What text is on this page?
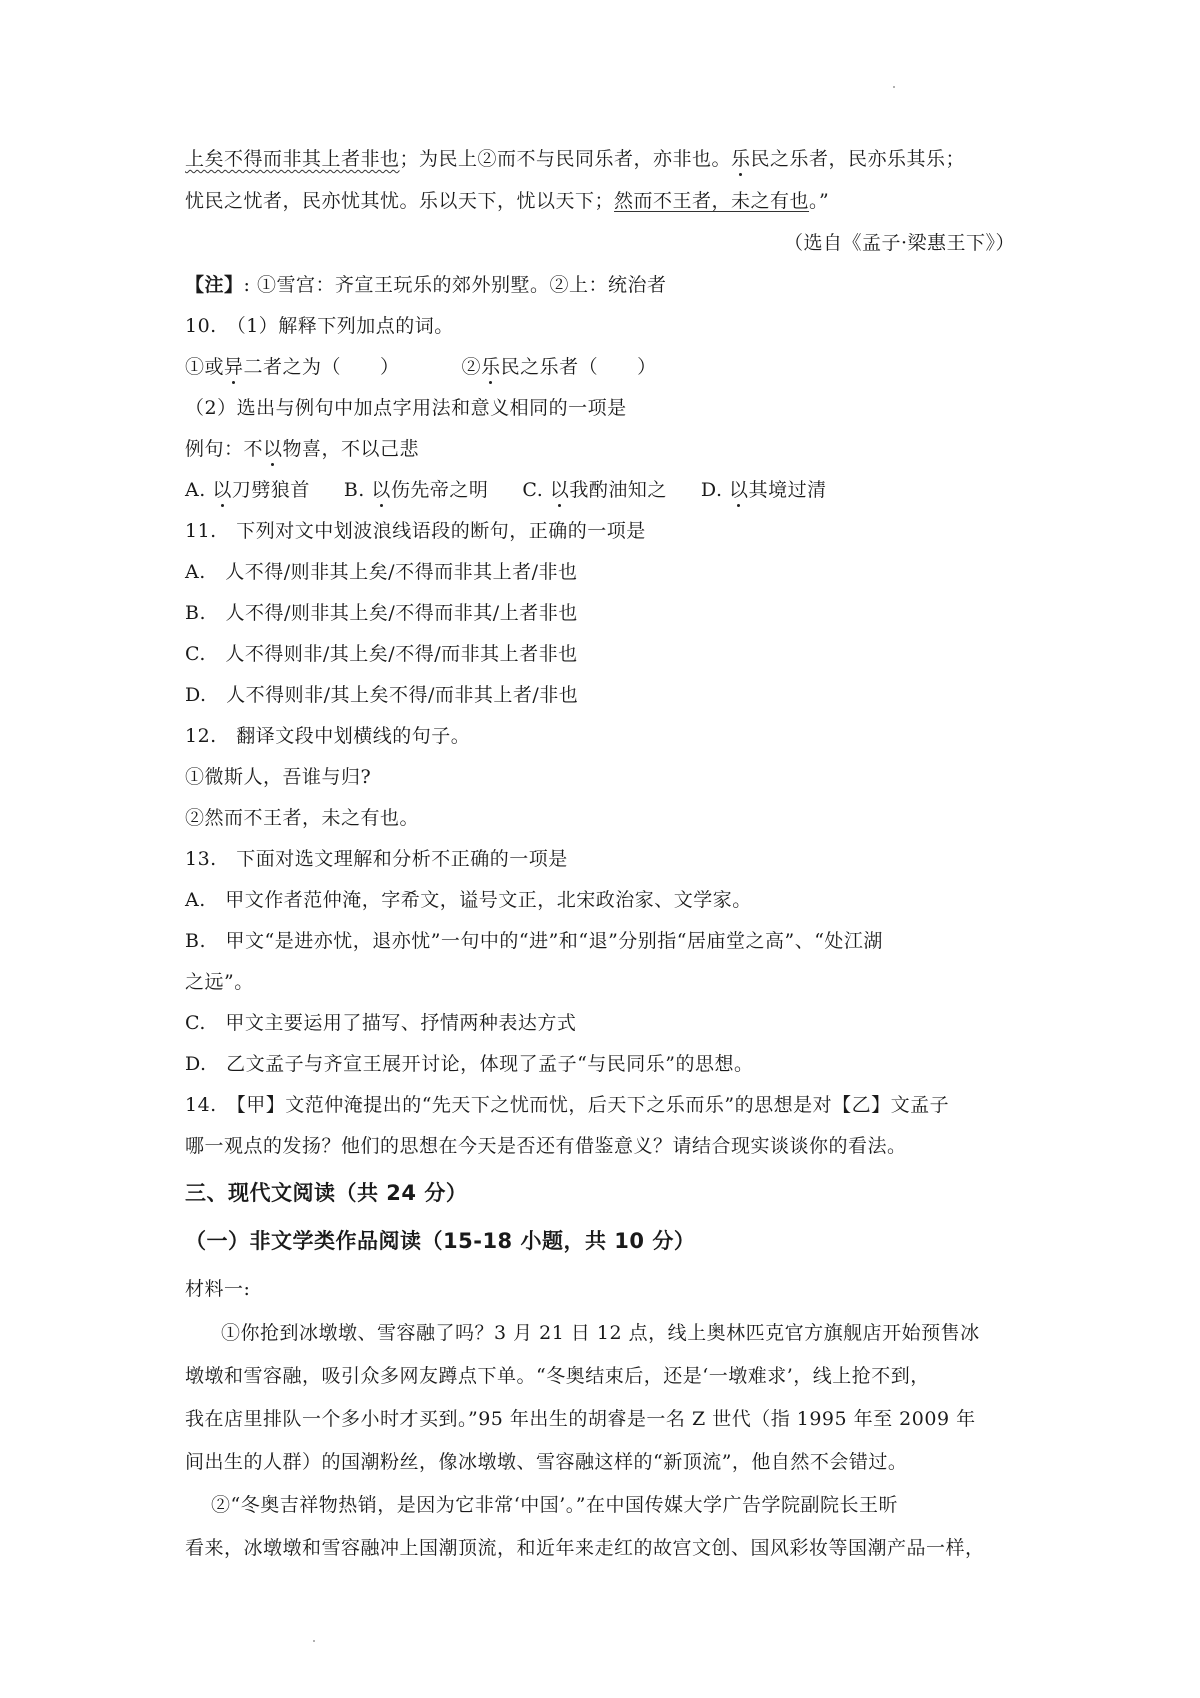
上矣不得而非其上者非也；为民上②而不与民同乐者，亦非也。乐民之乐者，民亦乐其乐；
忧民之忧者，民亦忧其忧。乐以天下，忧以天下；然而不王者，未之有也。”
（选自《孟子·梁惠王下》）
【注】: ①雪宫：齐宣王玩乐的郊外别墅。②上：统治者
10.　（1）解释下列加点的词。
①或异二者之为（　　）	②乐民之乐者（　　）
（2）选出与例句中加点字用法和意义相同的一项是
例句：不以物喜，不以己悲
A. 以刀劈狼首 B. 以伤先帝之明 C. 以我酌油知之 D. 以其境过清
11.　下列对文中划波浪线语段的断句，正确的一项是
A.　人不得/则非其上矣/不得而非其上者/非也
B.　人不得/则非其上矣/不得而非其/上者非也
C.　人不得则非/其上矣/不得/而非其上者非也
D.　人不得则非/其上矣不得/而非其上者/非也
12.　翻译文段中划横线的句子。
①微斯人，吾谁与归?
②然而不王者，未之有也。
13.　下面对选文理解和分析不正确的一项是
A.　甲文作者范仲淹，字希文，谥号文正，北宋政治家、文学家。
B.　甲文“是进亦忧，退亦忧”一句中的“进”和“退”分别指“居庙堂之高”、“处江湖
之远”。
C.　甲文主要运用了描写、抒情两种表达方式
D.　乙文孟子与齐宣王展开讨论，体现了孟子“与民同乐”的思想。
14.　【甲】文范仲淹提出的“先天下之忧而忧，后天下之乐而乐”的思想是对【乙】文孟子
哪一观点的发扬？他们的思想在今天是否还有借鉴意义？请结合现实谈谈你的看法。
三、现代文阅读（共 24 分）
（一）非文学类作品阅读（15-18 小题，共 10 分）
材料一:
①你抢到冰墩墩、雪容融了吗？3 月 21 日 12 点，线上奥林匹克官方旗舰店开始预售冰
墩墩和雪容融，吸引众多网友蹲点下单。“冬奥结束后，还是‘一墩难求’，线上抢不到，
我在店里排队一个多小时才买到。”95 年出生的胡睿是一名 Z 世代（指 1995 年至 2009 年
间出生的人群）的国潮粉丝，像冰墩墩、雪容融这样的“新顶流”，他自然不会错过。
②“冬奥吉祥物热销，是因为它非常‘中国’。”在中国传媒大学广告学院副院长王昕
看来，冰墩墩和雪容融冲上国潮顶流，和近年来走红的故宫文创、国风彩妆等国潮产品一样，
